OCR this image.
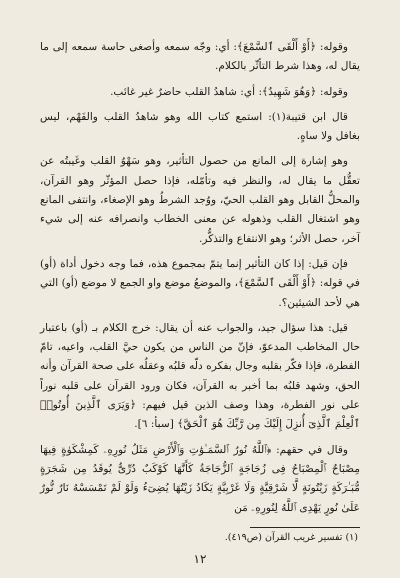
وقوله: ﴿أَوْ أَلْقَى ٱلسَّمْعَ﴾: أي: وجّه سمعه وأصغى حاسة سمعه إلى ما يقال له، وهذا شرط التأثّر بالكلام.

وقوله: ﴿وَهُوَ شَهِيدٌ﴾: أي: شاهدُ القلب حاضرٌ غير غائب.

قال ابن قتيبة(١): استمع كتاب الله وهو شاهدُ القلب والفَهْم، ليس بغافل ولا ساهٍ.

وهو إشارة إلى المانع من حصول التأثير، وهو سَهْوُ القلب وغَيبتُه عن تعقُّل ما يقال له، والنظر فيه وتأمّله، فإذا حصل المؤثّر وهو القرآن، والمحلُّ القابل وهو القلب الحيّ، ووُجد الشرطُ وهو الإصغاء، وانتفى المانع وهو اشتغال القلب وذهوله عن معنى الخطاب وانصرافه عنه إلى شيء آخر، حصل الأثر؛ وهو الانتفاع والتذكُّر.

فإن قيل: إذا كان التأثير إنما يتمّ بمجموع هذه، فما وجه دخول أداة (أو) في قوله: ﴿أَوْ أَلْقَى ٱلسَّمْعَ﴾، والموضعُ موضع واو الجمع لا موضع (أو) التي هي لأحد الشيئين؟.

قيل: هذا سؤال جيد، والجواب عنه أن يقال: خرج الكلام بـ (أو) باعتبار حال المخاطب المدعوّ، فإنّ من الناس من يكون حيَّ القلب، واعيه، تامّ الفطرة، فإذا فكّر بقلبه وجال بفكره دلّه قلبُه وعقلُه على صحة القرآن وأنه الحق، وشهد قلبُه بما أخبر به القرآن، فكان ورود القرآن على قلبه نوراً على نور الفطرة، وهذا وصف الذين قيل فيهم: ﴿وَيَرَى ٱلَّذِينَ أُوتُوا۟ ٱلْعِلْمَ ٱلَّذِىٓ أُنزِلَ إِلَيْكَ مِن رَّبِّكَ هُوَ ٱلْحَقَّ﴾ [سبأ: ٦].

وقال في حقهم: ﴿ٱللَّهُ نُورُ ٱلسَّمَـٰوَٰتِ وَٱلْأَرْضِ مَثَلُ نُورِهِۦ كَمِشْكَوٰةٍ فِيهَا مِصْبَاحٌ ٱلْمِصْبَاحُ فِى زُجَاجَةٍ ٱلزُّجَاجَةُ كَأَنَّهَا كَوْكَبٌ دُرِّىٌّ يُوقَدُ مِن شَجَرَةٍ مُّبَـٰرَكَةٍ زَيْتُونَةٍ لَّا شَرْقِيَّةٍ وَلَا غَرْبِيَّةٍ يَكَادُ زَيْتُهَا يُضِىٓءُ وَلَوْ لَمْ تَمْسَسْهُ نَارٌ نُّورٌ عَلَىٰ نُورٍ يَهْدِى ٱللَّهُ لِنُورِهِۦ مَن

(١) تفسير غريب القرآن (ص٤١٩).
١٢
